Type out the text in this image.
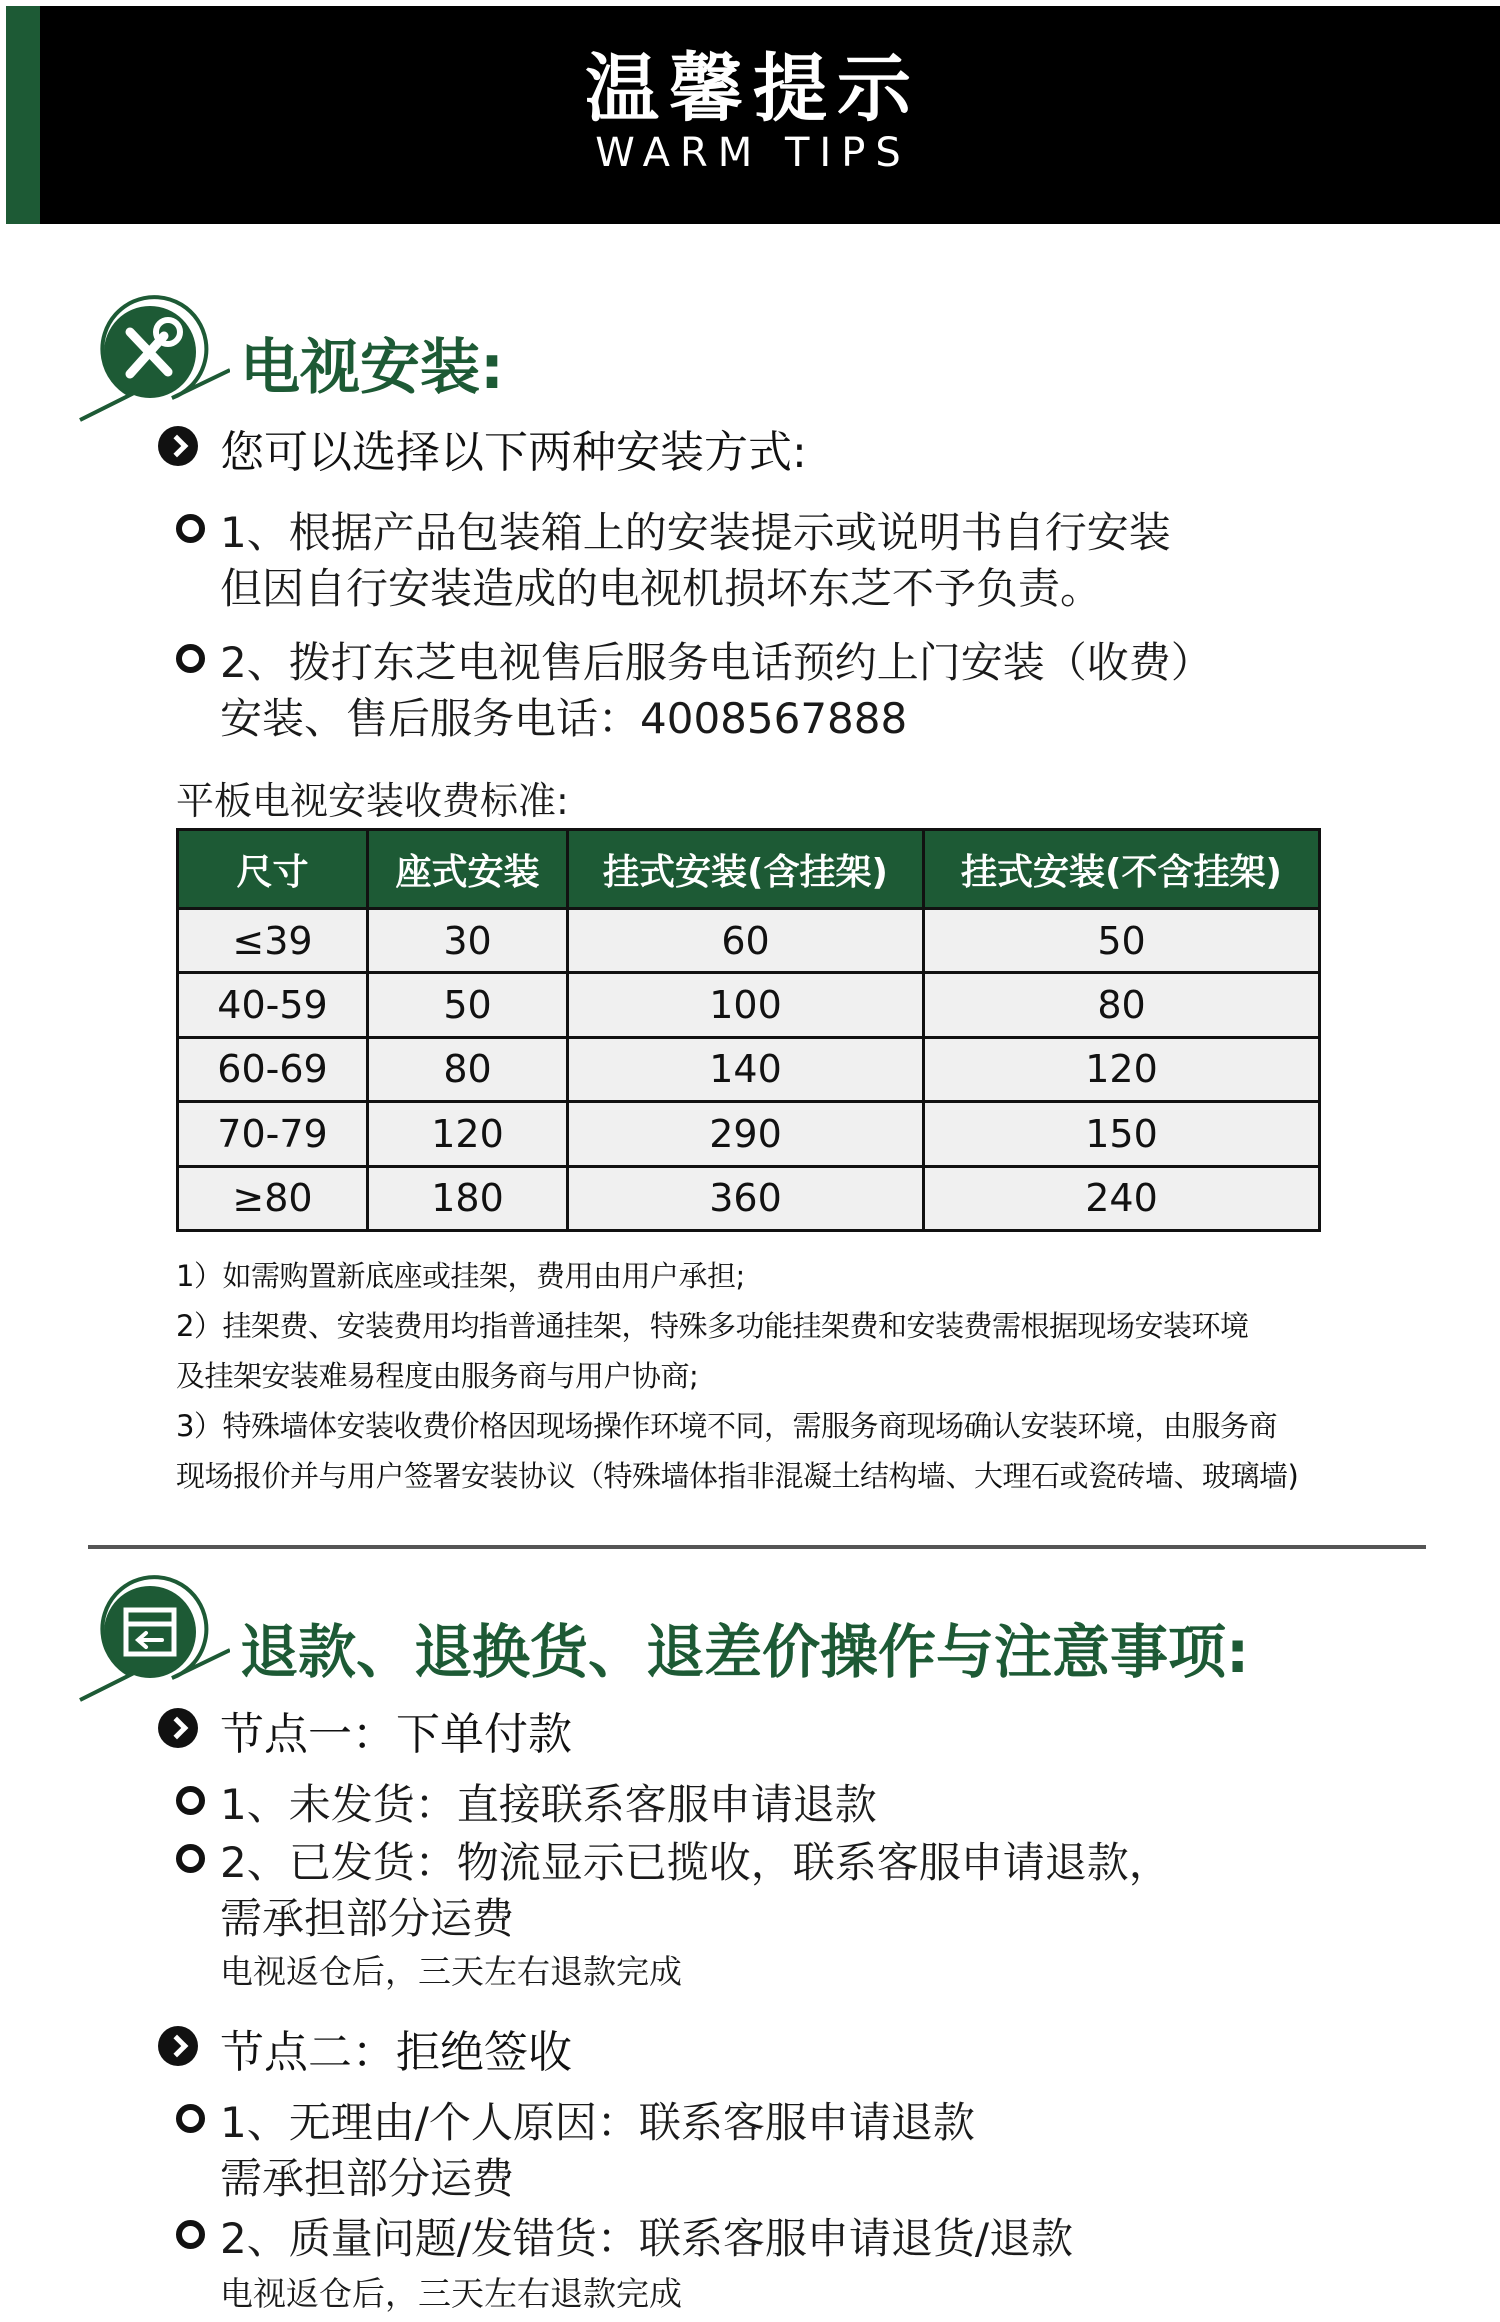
温馨提示
WARM TIPS
电视安装:
您可以选择以下两种安装方式:
1、根据产品包装箱上的安装提示或说明书自行安装
但因自行安装造成的电视机损坏东芝不予负责。
2、拨打东芝电视售后服务电话预约上门安装（收费）
安装、售后服务电话：4008567888
平板电视安装收费标准:
尺寸	座式安装	挂式安装(含挂架)	挂式安装(不含挂架)
≤39	30	60	50
40-59	50	100	80
60-69	80	140	120
70-79	120	290	150
≥80	180	360	240
1）如需购置新底座或挂架，费用由用户承担;
2）挂架费、安装费用均指普通挂架，特殊多功能挂架费和安装费需根据现场安装环境
及挂架安装难易程度由服务商与用户协商;
3）特殊墙体安装收费价格因现场操作环境不同，需服务商现场确认安装环境，由服务商
现场报价并与用户签署安装协议（特殊墙体指非混凝土结构墙、大理石或瓷砖墙、玻璃墙)
退款、退换货、退差价操作与注意事项:
节点一：下单付款
1、未发货：直接联系客服申请退款
2、已发货：物流显示已揽收，联系客服申请退款，
需承担部分运费
电视返仓后，三天左右退款完成
节点二：拒绝签收
1、无理由/个人原因：联系客服申请退款
需承担部分运费
2、质量问题/发错货：联系客服申请退货/退款
电视返仓后，三天左右退款完成
